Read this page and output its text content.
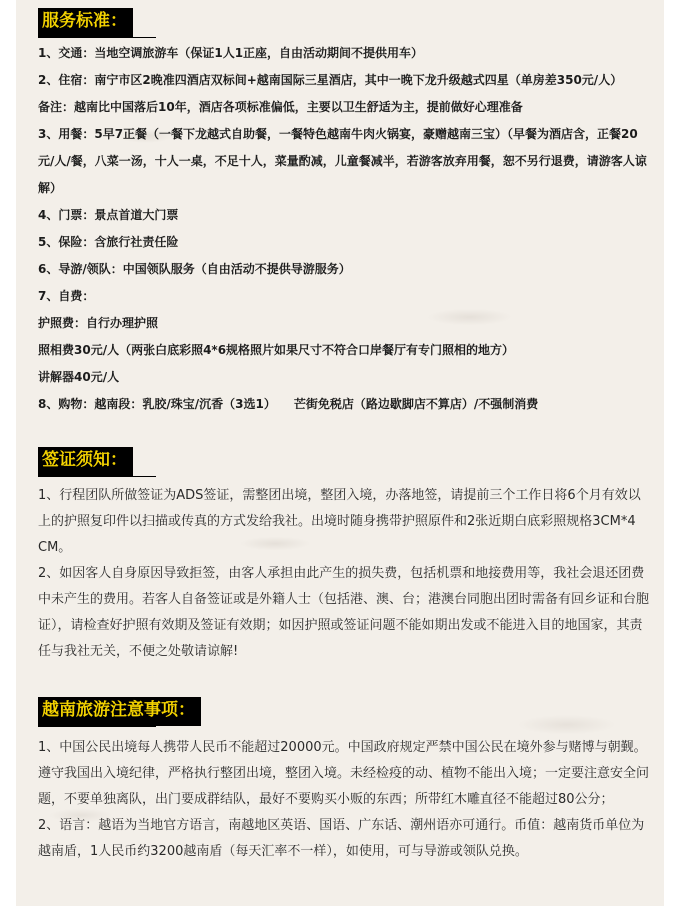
服务标准：
1、交通：当地空调旅游车（保证1人1正座，自由活动期间不提供用车）
2、住宿：南宁市区2晚准四酒店双标间+越南国际三星酒店，其中一晚下龙升级越式四星（单房差350元/人）
备注：越南比中国落后10年，酒店各项标准偏低，主要以卫生舒适为主，提前做好心理准备
3、用餐：5早7正餐（一餐下龙越式自助餐，一餐特色越南牛肉火锅宴，豪赠越南三宝）（早餐为酒店含，正餐20元/人/餐，八菜一汤，十人一桌，不足十人，菜量酌减，儿童餐减半，若游客放弃用餐，恕不另行退费，请游客人谅解）
4、门票：景点首道大门票
5、保险：含旅行社责任险
6、导游/领队：中国领队服务（自由活动不提供导游服务）
7、自费：
护照费：自行办理护照
照相费30元/人（两张白底彩照4*6规格照片如果尺寸不符合口岸餐厅有专门照相的地方）
讲解器40元/人
8、购物：越南段：乳胶/珠宝/沉香（3选1）　　芒街免税店（路边歇脚店不算店）/不强制消费
签证须知：

1、行程团队所做签证为ADS签证，需整团出境，整团入境，办落地签，请提前三个工作日将6个月有效以上的护照复印件以扫描或传真的方式发给我社。出境时随身携带护照原件和2张近期白底彩照规格3CM*4 CM。

2、如因客人自身原因导致拒签，由客人承担由此产生的损失费，包括机票和地接费用等，我社会退还团费中未产生的费用。若客人自备签证或是外籍人士（包括港、澳、台；港澳台同胞出团时需备有回乡证和台胞证），请检查好护照有效期及签证有效期；如因护照或签证问题不能如期出发或不能进入目的地国家，其责任与我社无关，不便之处敬请谅解!

越南旅游注意事项：

1、中国公民出境每人携带人民币不能超过20000元。中国政府规定严禁中国公民在境外参与赌博与朝觐。遵守我国出入境纪律，严格执行整团出境，整团入境。未经检疫的动、植物不能出入境；一定要注意安全问题，不要单独离队，出门要成群结队，最好不要购买小贩的东西；所带红木雕直径不能超过80公分；

2、语言：越语为当地官方语言，南越地区英语、国语、广东话、潮州语亦可通行。币值：越南货币单位为越南盾，1人民币约3200越南盾（每天汇率不一样），如使用，可与导游或领队兑换。
